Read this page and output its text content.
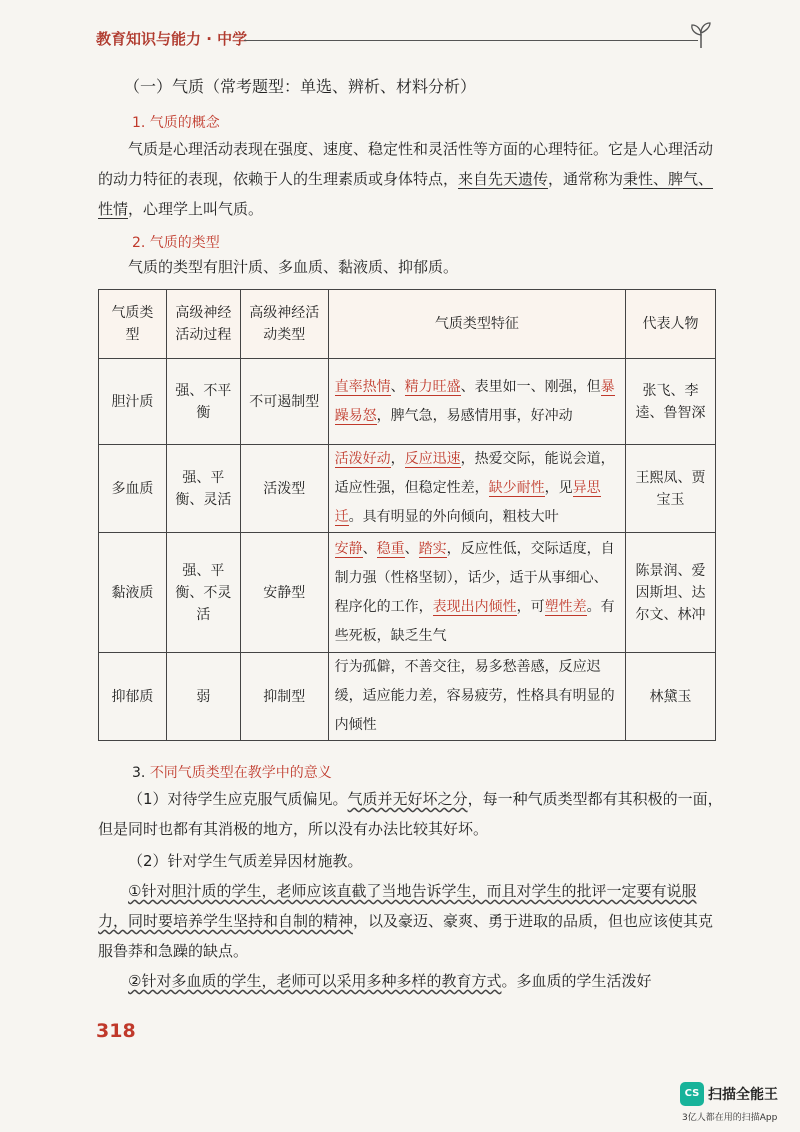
教育知识与能力 · 中学
（一）气质（常考题型：单选、辨析、材料分析）
1. 气质的概念
气质是心理活动表现在强度、速度、稳定性和灵活性等方面的心理特征。它是人心理活动的动力特征的表现，依赖于人的生理素质或身体特点，来自先天遗传，通常称为秉性、脾气、性情，心理学上叫气质。
2. 气质的类型
气质的类型有胆汁质、多血质、黏液质、抑郁质。
气质类型	高级神经活动过程	高级神经活动类型	气质类型特征	代表人物
胆汁质	强、不平衡	不可遏制型	直率热情、精力旺盛、表里如一、刚强，但暴躁易怒，脾气急，易感情用事，好冲动	张飞、李逵、鲁智深
多血质	强、平衡、灵活	活泼型	活泼好动，反应迅速，热爱交际，能说会道，适应性强，但稳定性差，缺少耐性，见异思迁。具有明显的外向倾向，粗枝大叶	王熙凤、贾宝玉
黏液质	强、平衡、不灵活	安静型	安静、稳重、踏实，反应性低，交际适度，自制力强（性格坚韧），话少，适于从事细心、程序化的工作，表现出内倾性，可塑性差。有些死板，缺乏生气	陈景润、爱因斯坦、达尔文、林冲
抑郁质	弱	抑制型	行为孤僻，不善交往，易多愁善感，反应迟缓，适应能力差，容易疲劳，性格具有明显的内倾性	林黛玉
3. 不同气质类型在教学中的意义
（1）对待学生应克服气质偏见。气质并无好坏之分，每一种气质类型都有其积极的一面，但是同时也都有其消极的地方，所以没有办法比较其好坏。
（2）针对学生气质差异因材施教。
①针对胆汁质的学生，老师应该直截了当地告诉学生，而且对学生的批评一定要有说服力，同时要培养学生坚持和自制的精神，以及豪迈、豪爽、勇于进取的品质，但也应该使其克服鲁莽和急躁的缺点。
②针对多血质的学生，老师可以采用多种多样的教育方式。多血质的学生活泼好
318
CS 扫描全能王
3亿人都在用的扫描App
